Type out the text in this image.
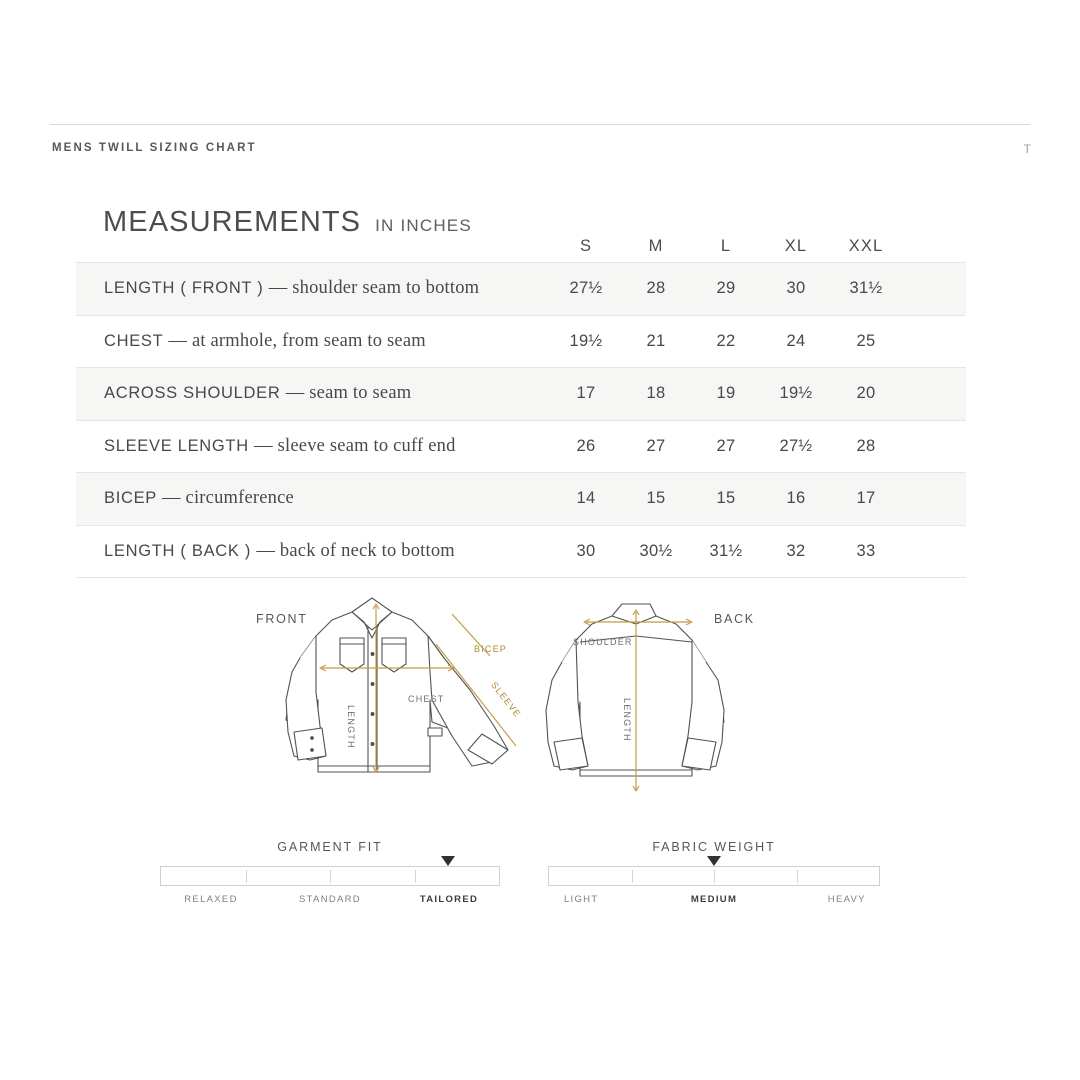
MENS TWILL SIZING CHART	T
MEASUREMENTS IN INCHES
S	M	L	XL	XXL
LENGTH ( FRONT ) — shoulder seam to bottom	27½	28	29	30	31½
CHEST — at armhole, from seam to seam	19½	21	22	24	25
ACROSS SHOULDER — seam to seam	17	18	19	19½	20
SLEEVE LENGTH — sleeve seam to cuff end	26	27	27	27½	28
BICEP — circumference	14	15	15	16	17
LENGTH ( BACK ) — back of neck to bottom	30	30½	31½	32	33
FRONT	BACK
BICEP
CHEST	SLEEVE
LENGTH
SHOULDER
LENGTH
GARMENT FIT
RELAXED	STANDARD	TAILORED
FABRIC WEIGHT
LIGHT	MEDIUM	HEAVY
